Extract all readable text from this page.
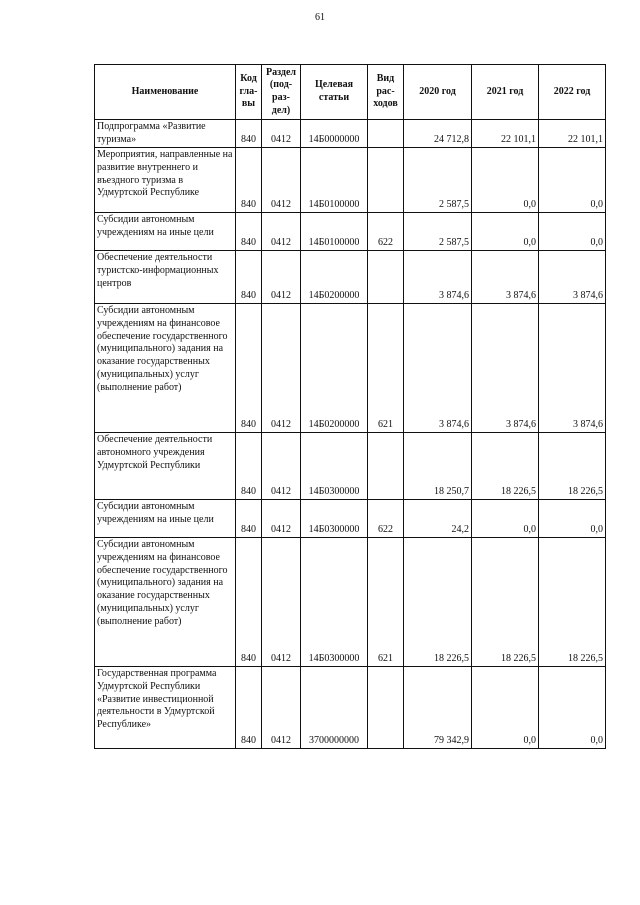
61
Наименование	Код гла-вы	Раздел (под-раз-дел)	Целевая статьи	Вид рас-ходов	2020 год	2021 год	2022 год
Подпрограмма «Развитие туризма»	840	0412	14Б0000000		24 712,8	22 101,1	22 101,1
Мероприятия, направленные на развитие внутреннего и въездного туризма в Удмуртской Республике	840	0412	14Б0100000		2 587,5	0,0	0,0
Субсидии автономным учреждениям на иные цели	840	0412	14Б0100000	622	2 587,5	0,0	0,0
Обеспечение деятельности туристско-информационных центров	840	0412	14Б0200000		3 874,6	3 874,6	3 874,6
Субсидии автономным учреждениям на финансовое обеспечение государственного (муниципального) задания на оказание государственных (муниципальных) услуг (выполнение работ)	840	0412	14Б0200000	621	3 874,6	3 874,6	3 874,6
Обеспечение деятельности автономного учреждения Удмуртской Республики	840	0412	14Б0300000		18 250,7	18 226,5	18 226,5
Субсидии автономным учреждениям на иные цели	840	0412	14Б0300000	622	24,2	0,0	0,0
Субсидии автономным учреждениям на финансовое обеспечение государственного (муниципального) задания на оказание государственных (муниципальных) услуг (выполнение работ)	840	0412	14Б0300000	621	18 226,5	18 226,5	18 226,5
Государственная программа Удмуртской Республики «Развитие инвестиционной деятельности в Удмуртской Республике»	840	0412	3700000000		79 342,9	0,0	0,0
